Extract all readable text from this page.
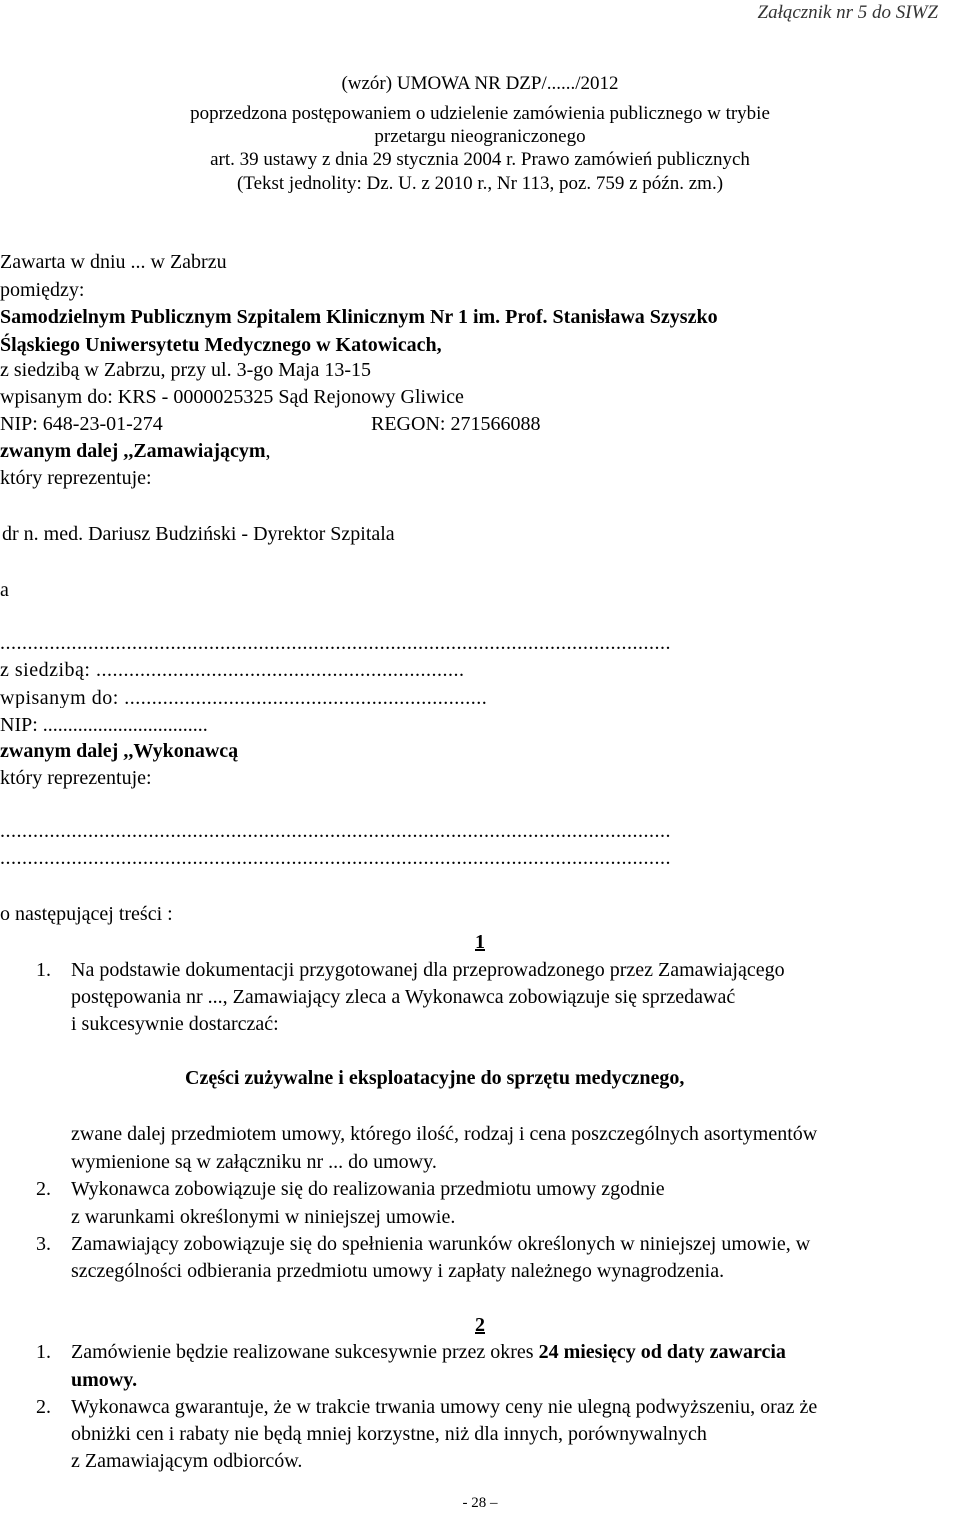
Załącznik nr 5 do SIWZ
(wzór) UMOWA NR DZP/....../2012
poprzedzona postępowaniem o udzielenie zamówienia publicznego w trybie
przetargu nieograniczonego
art. 39 ustawy z dnia 29 stycznia 2004 r. Prawo zamówień publicznych
(Tekst jednolity: Dz. U. z 2010 r., Nr 113, poz. 759 z późn. zm.)
Zawarta w dniu ... w Zabrzu
pomiędzy:
Samodzielnym Publicznym Szpitalem Klinicznym Nr 1 im. Prof. Stanisława Szyszko
Śląskiego Uniwersytetu Medycznego w Katowicach,
z siedzibą w Zabrzu, przy ul. 3-go Maja 13-15
wpisanym do: KRS - 0000025325 Sąd Rejonowy Gliwice
NIP: 648-23-01-274	REGON: 271566088
zwanym dalej ,,Zamawiającym,
który reprezentuje:
dr n. med. Dariusz Budziński - Dyrektor Szpitala
a
..........................................................................................................................
z siedzibą: ...................................................................
wpisanym do: ..................................................................
NIP: .................................
zwanym dalej ,,Wykonawcą
który reprezentuje:
..........................................................................................................................
..........................................................................................................................
o następującej treści :
1
1. Na podstawie dokumentacji przygotowanej dla przeprowadzonego przez Zamawiającego
postępowania nr ..., Zamawiający zleca a Wykonawca zobowiązuje się sprzedawać
i sukcesywnie dostarczać:
Części zużywalne i eksploatacyjne do sprzętu medycznego,
zwane dalej przedmiotem umowy, którego ilość, rodzaj i cena poszczególnych asortymentów
wymienione są w załączniku nr ... do umowy.
2. Wykonawca zobowiązuje się do realizowania przedmiotu umowy zgodnie
z warunkami określonymi w niniejszej umowie.
3. Zamawiający zobowiązuje się do spełnienia warunków określonych w niniejszej umowie, w
szczególności odbierania przedmiotu umowy i zapłaty należnego wynagrodzenia.
2
1. Zamówienie będzie realizowane sukcesywnie przez okres 24 miesięcy od daty zawarcia
umowy.
2. Wykonawca gwarantuje, że w trakcie trwania umowy ceny nie ulegną podwyższeniu, oraz że
obniżki cen i rabaty nie będą mniej korzystne, niż dla innych, porównywalnych
z Zamawiającym odbiorców.
- 28 –
